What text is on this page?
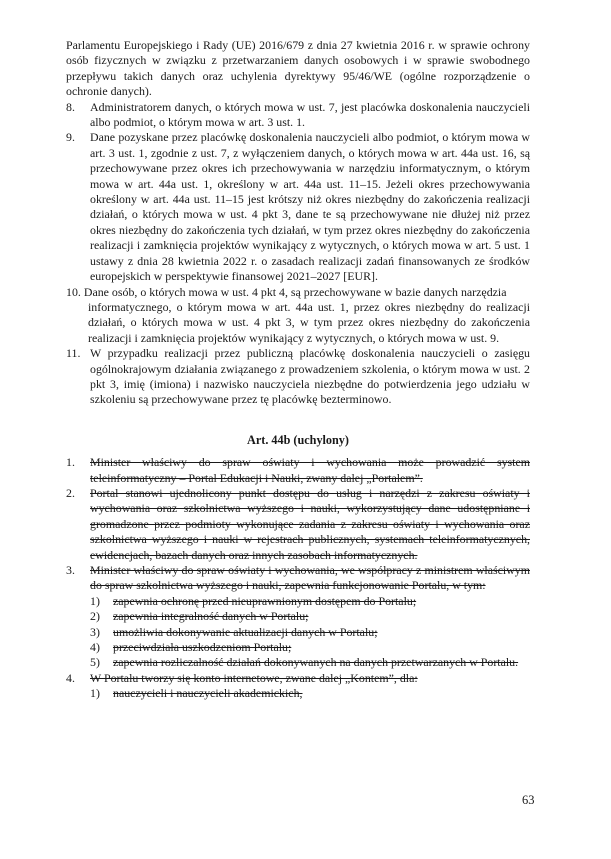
Parlamentu Europejskiego i Rady (UE) 2016/679 z dnia 27 kwietnia 2016 r. w sprawie ochrony osób fizycznych w związku z przetwarzaniem danych osobowych i w sprawie swobodnego przepływu takich danych oraz uchylenia dyrektywy 95/46/WE (ogólne rozporządzenie o ochronie danych).
8. Administratorem danych, o których mowa w ust. 7, jest placówka doskonalenia nauczycieli albo podmiot, o którym mowa w art. 3 ust. 1.
9. Dane pozyskane przez placówkę doskonalenia nauczycieli albo podmiot, o którym mowa w art. 3 ust. 1, zgodnie z ust. 7, z wyłączeniem danych, o których mowa w art. 44a ust. 16, są przechowywane przez okres ich przechowywania w narzędziu informatycznym, o którym mowa w art. 44a ust. 1, określony w art. 44a ust. 11–15. Jeżeli okres przechowywania określony w art. 44a ust. 11–15 jest krótszy niż okres niezbędny do zakończenia realizacji działań, o których mowa w ust. 4 pkt 3, dane te są przechowywane nie dłużej niż przez okres niezbędny do zakończenia tych działań, w tym przez okres niezbędny do zakończenia realizacji i zamknięcia projektów wynikający z wytycznych, o których mowa w art. 5 ust. 1 ustawy z dnia 28 kwietnia 2022 r. o zasadach realizacji zadań finansowanych ze środków europejskich w perspektywie finansowej 2021–2027 [EUR].
10. Dane osób, o których mowa w ust. 4 pkt 4, są przechowywane w bazie danych narzędzia
informatycznego, o którym mowa w art. 44a ust. 1, przez okres niezbędny do realizacji działań, o których mowa w ust. 4 pkt 3, w tym przez okres niezbędny do zakończenia realizacji i zamknięcia projektów wynikający z wytycznych, o których mowa w ust. 9.
11. W przypadku realizacji przez publiczną placówkę doskonalenia nauczycieli o zasięgu ogólnokrajowym działania związanego z prowadzeniem szkolenia, o którym mowa w ust. 2 pkt 3, imię (imiona) i nazwisko nauczyciela niezbędne do potwierdzenia jego udziału w szkoleniu są przechowywane przez tę placówkę bezterminowo.
Art. 44b (uchylony)
1. Minister właściwy do spraw oświaty i wychowania może prowadzić system teleinformatyczny – Portal Edukacji i Nauki, zwany dalej „Portalem”.
2. Portal stanowi ujednolicony punkt dostępu do usług i narzędzi z zakresu oświaty i wychowania oraz szkolnictwa wyższego i nauki, wykorzystujący dane udostępniane i gromadzone przez podmioty wykonujące zadania z zakresu oświaty i wychowania oraz szkolnictwa wyższego i nauki w rejestrach publicznych, systemach teleinformatycznych, ewidencjach, bazach danych oraz innych zasobach informatycznych.
3. Minister właściwy do spraw oświaty i wychowania, we współpracy z ministrem właściwym do spraw szkolnictwa wyższego i nauki, zapewnia funkcjonowanie Portalu, w tym:
1) zapewnia ochronę przed nieuprawnionym dostępem do Portalu;
2) zapewnia integralność danych w Portalu;
3) umożliwia dokonywanie aktualizacji danych w Portalu;
4) przeciwdziała uszkodzeniom Portalu;
5) zapewnia rozliczalność działań dokonywanych na danych przetwarzanych w Portalu.
4. W Portalu tworzy się konto internetowe, zwane dalej „Kontem”, dla:
1) nauczycieli i nauczycieli akademickich,
63
